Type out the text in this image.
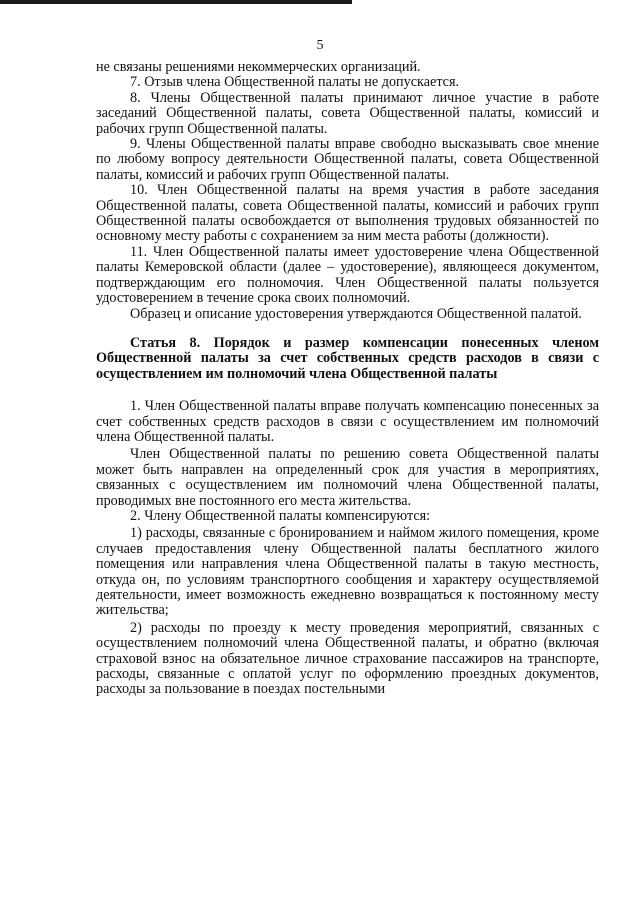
5

не связаны решениями некоммерческих организаций.

7. Отзыв члена Общественной палаты не допускается.

8. Члены Общественной палаты принимают личное участие в работе заседаний Общественной палаты, совета Общественной палаты, комиссий и рабочих групп Общественной палаты.

9. Члены Общественной палаты вправе свободно высказывать свое мнение по любому вопросу деятельности Общественной палаты, совета Общественной палаты, комиссий и рабочих групп Общественной палаты.

10. Член Общественной палаты на время участия в работе заседания Общественной палаты, совета Общественной палаты, комиссий и рабочих групп Общественной палаты освобождается от выполнения трудовых обязанностей по основному месту работы с сохранением за ним места работы (должности).

11. Член Общественной палаты имеет удостоверение члена Общественной палаты Кемеровской области (далее – удостоверение), являющееся документом, подтверждающим его полномочия. Член Общественной палаты пользуется удостоверением в течение срока своих полномочий.

Образец и описание удостоверения утверждаются Общественной палатой.

Статья 8. Порядок и размер компенсации понесенных членом Общественной палаты за счет собственных средств расходов в связи с осуществлением им полномочий члена Общественной палаты

1. Член Общественной палаты вправе получать компенсацию понесенных за счет собственных средств расходов в связи с осуществлением им полномочий члена Общественной палаты.

Член Общественной палаты по решению совета Общественной палаты может быть направлен на определенный срок для участия в мероприятиях, связанных с осуществлением им полномочий члена Общественной палаты, проводимых вне постоянного его места жительства.

2. Члену Общественной палаты компенсируются:

1) расходы, связанные с бронированием и наймом жилого помещения, кроме случаев предоставления члену Общественной палаты бесплатного жилого помещения или направления члена Общественной палаты в такую местность, откуда он, по условиям транспортного сообщения и характеру осуществляемой деятельности, имеет возможность ежедневно возвращаться к постоянному месту жительства;

2) расходы по проезду к месту проведения мероприятий, связанных с осуществлением полномочий члена Общественной палаты, и обратно (включая страховой взнос на обязательное личное страхование пассажиров на транспорте, расходы, связанные с оплатой услуг по оформлению проездных документов, расходы за пользование в поездах постельными
